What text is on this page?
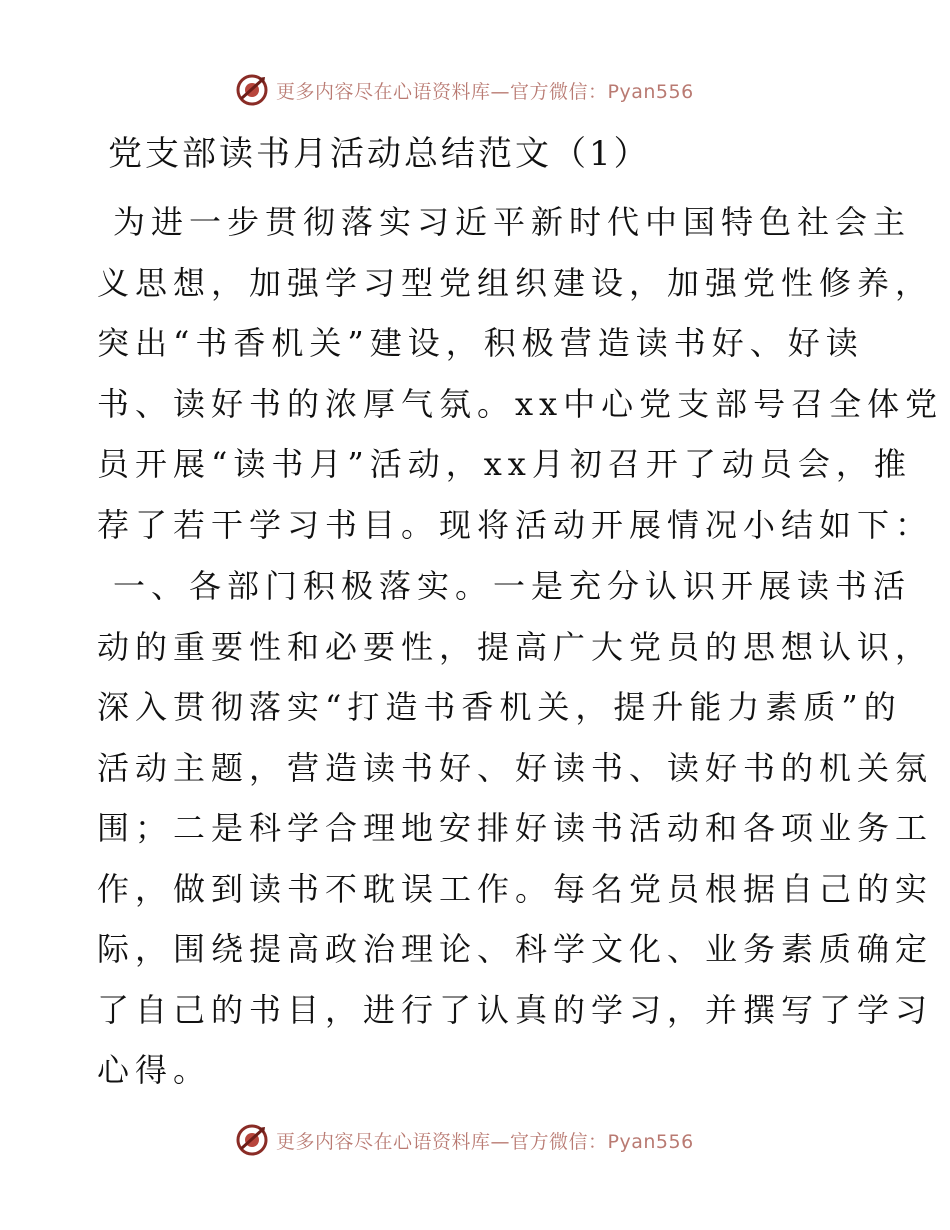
更多内容尽在心语资料库—官方微信：Pyan556
党支部读书月活动总结范文（1）
为进一步贯彻落实习近平新时代中国特色社会主
义思想，加强学习型党组织建设，加强党性修养，
突出“书香机关”建设，积极营造读书好、好读
书、读好书的浓厚气氛。xx中心党支部号召全体党
员开展“读书月”活动，xx月初召开了动员会，推
荐了若干学习书目。现将活动开展情况小结如下：
一、各部门积极落实。一是充分认识开展读书活
动的重要性和必要性，提高广大党员的思想认识，
深入贯彻落实“打造书香机关，提升能力素质”的
活动主题，营造读书好、好读书、读好书的机关氛
围；二是科学合理地安排好读书活动和各项业务工
作，做到读书不耽误工作。每名党员根据自己的实
际，围绕提高政治理论、科学文化、业务素质确定
了自己的书目，进行了认真的学习，并撰写了学习
心得。
更多内容尽在心语资料库—官方微信：Pyan556
